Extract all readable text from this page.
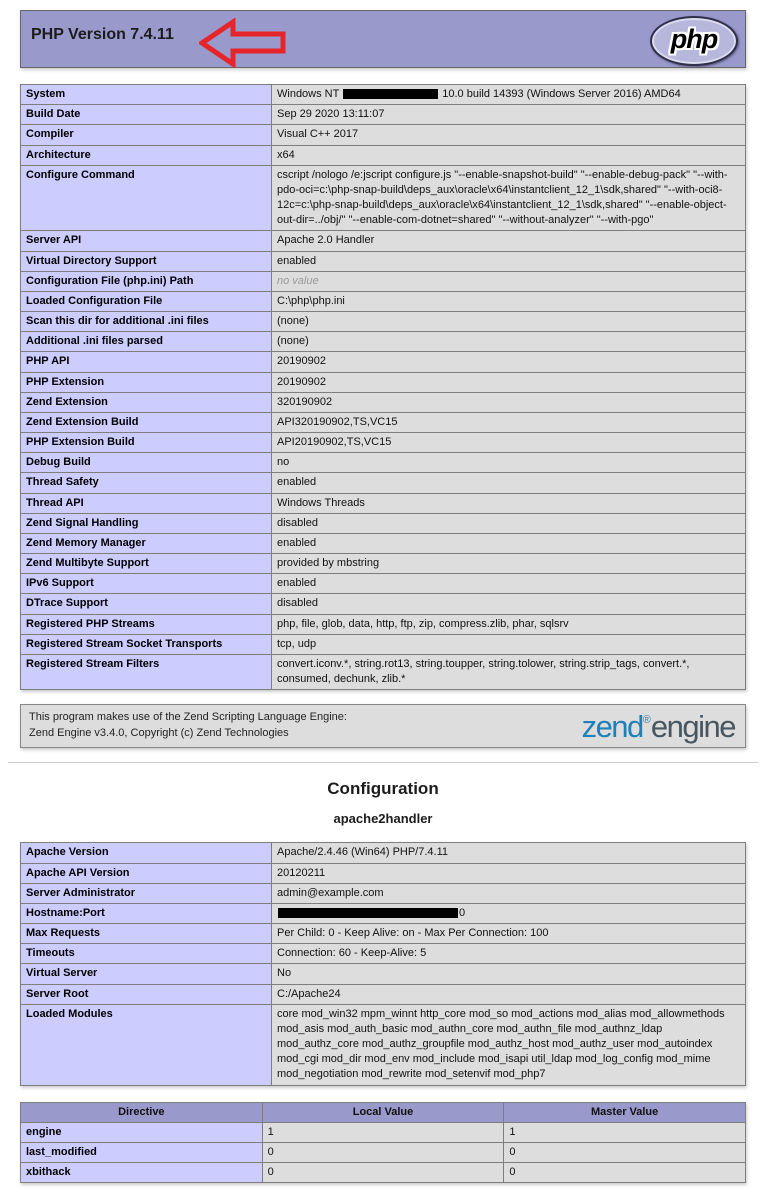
PHP Version 7.4.11	php
System	Windows NT 10.0 build 14393 (Windows Server 2016) AMD64
Build Date	Sep 29 2020 13:11:07
Compiler	Visual C++ 2017
Architecture	x64
Configure Command	cscript /nologo /e:jscript configure.js "--enable-snapshot-build" "--enable-debug-pack" "--with-pdo-oci=c:\php-snap-build\deps_aux\oracle\x64\instantclient_12_1\sdk,shared" "--with-oci8-12c=c:\php-snap-build\deps_aux\oracle\x64\instantclient_12_1\sdk,shared" "--enable-object-out-dir=../obj/" "--enable-com-dotnet=shared" "--without-analyzer" "--with-pgo"
Server API	Apache 2.0 Handler
Virtual Directory Support	enabled
Configuration File (php.ini) Path	no value
Loaded Configuration File	C:\php\php.ini
Scan this dir for additional .ini files	(none)
Additional .ini files parsed	(none)
PHP API	20190902
PHP Extension	20190902
Zend Extension	320190902
Zend Extension Build	API320190902,TS,VC15
PHP Extension Build	API20190902,TS,VC15
Debug Build	no
Thread Safety	enabled
Thread API	Windows Threads
Zend Signal Handling	disabled
Zend Memory Manager	enabled
Zend Multibyte Support	provided by mbstring
IPv6 Support	enabled
DTrace Support	disabled
Registered PHP Streams	php, file, glob, data, http, ftp, zip, compress.zlib, phar, sqlsrv
Registered Stream Socket Transports	tcp, udp
Registered Stream Filters	convert.iconv.*, string.rot13, string.toupper, string.tolower, string.strip_tags, convert.*, consumed, dechunk, zlib.*
This program makes use of the Zend Scripting Language Engine:
Zend Engine v3.4.0, Copyright (c) Zend Technologies	zend®engine
Configuration
apache2handler
Apache Version	Apache/2.4.46 (Win64) PHP/7.4.11
Apache API Version	20120211
Server Administrator	admin@example.com
Hostname:Port	0
Max Requests	Per Child: 0 - Keep Alive: on - Max Per Connection: 100
Timeouts	Connection: 60 - Keep-Alive: 5
Virtual Server	No
Server Root	C:/Apache24
Loaded Modules	core mod_win32 mpm_winnt http_core mod_so mod_actions mod_alias mod_allowmethods mod_asis mod_auth_basic mod_authn_core mod_authn_file mod_authnz_ldap mod_authz_core mod_authz_groupfile mod_authz_host mod_authz_user mod_autoindex mod_cgi mod_dir mod_env mod_include mod_isapi util_ldap mod_log_config mod_mime mod_negotiation mod_rewrite mod_setenvif mod_php7
Directive	Local Value	Master Value
engine	1	1
last_modified	0	0
xbithack	0	0
